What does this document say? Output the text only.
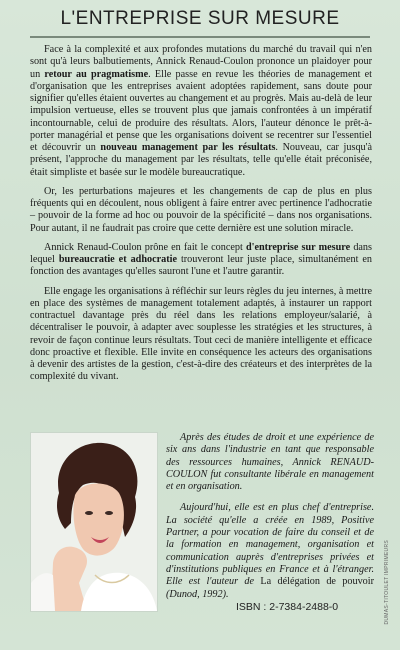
L'ENTREPRISE SUR MESURE

Face à la complexité et aux profondes mutations du marché du travail qui n'en sont qu'à leurs balbutiements, Annick Renaud-Coulon prononce un plaidoyer pour un retour au pragmatisme. Elle passe en revue les théories de management et d'organisation que les entreprises avaient adoptées rapidement, sans doute pour signifier qu'elles étaient ouvertes au changement et au progrès. Mais au-delà de leur impulsion vertueuse, elles se trouvent plus que jamais confrontées à un impératif incontournable, celui de produire des résultats. Alors, l'auteur dénonce le prêt-à-porter managérial et pense que les organisations doivent se recentrer sur l'essentiel et découvrir un nouveau management par les résultats. Nouveau, car jusqu'à présent, l'approche du management par les résultats, telle qu'elle était préconisée, était simpliste et basée sur le modèle bureaucratique.

Or, les perturbations majeures et les changements de cap de plus en plus fréquents qui en découlent, nous obligent à faire entrer avec pertinence l'adhocratie – pouvoir de la forme ad hoc ou pouvoir de la spécificité – dans nos organisations. Pour autant, il ne faudrait pas croire que cette dernière est une solution miracle.

Annick Renaud-Coulon prône en fait le concept d'entreprise sur mesure dans lequel bureaucratie et adhocratie trouveront leur juste place, simultanément en fonction des avantages qu'elles sauront l'une et l'autre garantir.

Elle engage les organisations à réfléchir sur leurs règles du jeu internes, à mettre en place des systèmes de management totalement adaptés, à instaurer un rapport contractuel davantage près du réel dans les relations employeur/salarié, à décentraliser le pouvoir, à adapter avec souplesse les stratégies et les structures, à revoir de façon continue leurs résultats. Tout ceci de manière intelligente et efficace donc proactive et flexible. Elle invite en conséquence les acteurs des organisations à devenir des artistes de la gestion, c'est-à-dire des créateurs et des interprètes de la complexité du vivant.

Après des études de droit et une expérience de six ans dans l'industrie en tant que responsable des ressources humaines, Annick RENAUD-COULON fut consultante libérale en management et en organisation.

Aujourd'hui, elle est en plus chef d'entreprise. La société qu'elle a créée en 1989, Positive Partner, a pour vocation de faire du conseil et de la formation en management, organisation et communication auprès d'entreprises privées et d'institutions publiques en France et à l'étranger. Elle est l'auteur de La délégation de pouvoir (Dunod, 1992).

ISBN : 2-7384-2488-0	DUMAS-TITOULET IMPRIMEURS
